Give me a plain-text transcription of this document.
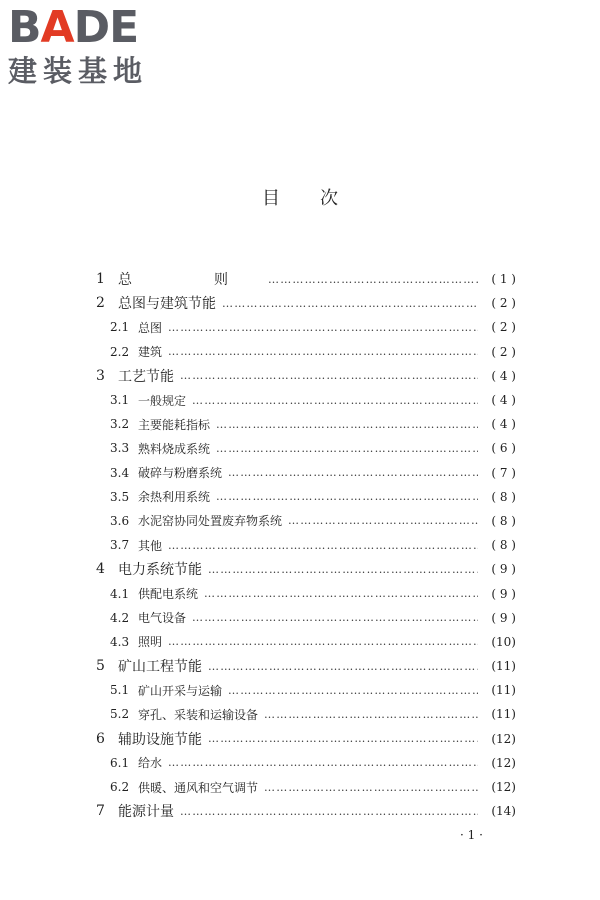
BADE
建装基地
目次
1 总　则 …………………………………………………………………………………………………………………………………………………………	( 1 )
2 总图与建筑节能 …………………………………………………………………………………………………………………………………………………………	( 2 )
2.1 总图 …………………………………………………………………………………………………………………………………………………………	( 2 )
2.2 建筑 …………………………………………………………………………………………………………………………………………………………	( 2 )
3 工艺节能 …………………………………………………………………………………………………………………………………………………………	( 4 )
3.1 一般规定 …………………………………………………………………………………………………………………………………………………………	( 4 )
3.2 主要能耗指标 …………………………………………………………………………………………………………………………………………………………	( 4 )
3.3 熟料烧成系统 …………………………………………………………………………………………………………………………………………………………	( 6 )
3.4 破碎与粉磨系统 …………………………………………………………………………………………………………………………………………………………	( 7 )
3.5 余热利用系统 …………………………………………………………………………………………………………………………………………………………	( 8 )
3.6 水泥窑协同处置废弃物系统 …………………………………………………………………………………………………………………………………………………………	( 8 )
3.7 其他 …………………………………………………………………………………………………………………………………………………………	( 8 )
4 电力系统节能 …………………………………………………………………………………………………………………………………………………………	( 9 )
4.1 供配电系统 …………………………………………………………………………………………………………………………………………………………	( 9 )
4.2 电气设备 …………………………………………………………………………………………………………………………………………………………	( 9 )
4.3 照明 …………………………………………………………………………………………………………………………………………………………	(10)
5 矿山工程节能 …………………………………………………………………………………………………………………………………………………………	(11)
5.1 矿山开采与运输 …………………………………………………………………………………………………………………………………………………………	(11)
5.2 穿孔、采装和运输设备 …………………………………………………………………………………………………………………………………………………………	(11)
6 辅助设施节能 …………………………………………………………………………………………………………………………………………………………	(12)
6.1 给水 …………………………………………………………………………………………………………………………………………………………	(12)
6.2 供暖、通风和空气调节 …………………………………………………………………………………………………………………………………………………………	(12)
7 能源计量 …………………………………………………………………………………………………………………………………………………………	(14)
· 1 ·
